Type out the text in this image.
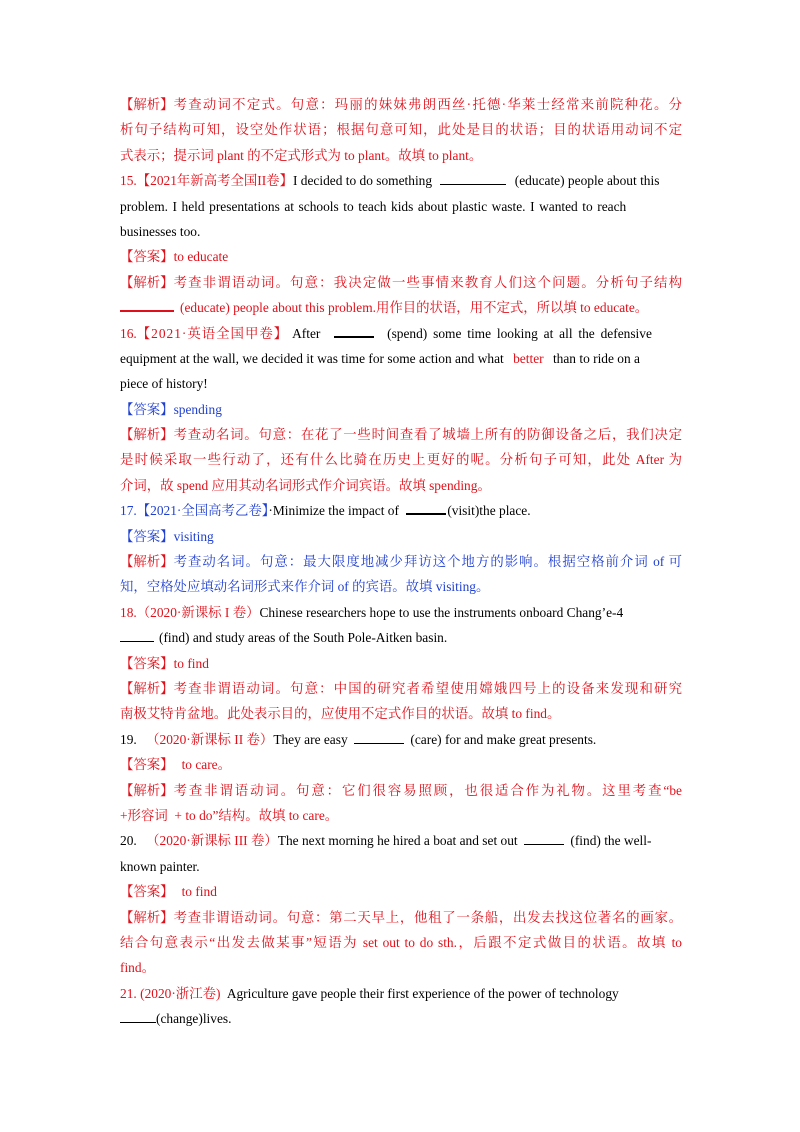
【解析】 考查动词不定式。句意：玛丽的妹妹弗朗西丝·托德·华莱士经常来前院种花。分
析句子结构可知，设空处作状语；根据句意可知，此处是目的状语；目的状语用动词不定
式表示；提示词 plant 的不定式形式为 to plant。故填 to plant。
15.【2021年新高考全国II卷】I decided to do something	(educate) people about this
problem. I held presentations at schools to teach kids about plastic waste. I wanted to reach
businesses too.
【答案】to educate
【解析】 考查非谓语动词。句意：我决定做一些事情来教育人们这个问题。分析句子结构
(educate) people about this problem.用作目的状语，用不定式，所以填 to educate。
16.【2021·英语全国甲卷】 After	(spend) some time looking at all the defensive
equipment at the wall, we decided it was time for some action and what better than to ride on a
piece of history!
【答案】spending
【解析】 考查动名词。句意：在花了一些时间查看了城墙上所有的防御设备之后，我们决定
是时候采取一些行动了，还有什么比骑在历史上更好的呢。分析句子可知，此处 After 为
介词，故 spend 应用其动名词形式作介词宾语。故填 spending。
17.【2021·全国高考乙卷】·Minimize the impact of	(visit)the place.
【答案】visiting
【解析】 考查动名词。句意：最大限度地减少拜访这个地方的影响。根据空格前介词 of 可
知，空格处应填动名词形式来作介词 of 的宾语。故填 visiting。
18.（2020·新课标 I 卷）Chinese researchers hope to use the instruments onboard Chang’e-4
(find) and study areas of the South Pole-Aitken basin.
【答案】to find
【解析】 考查非谓语动词。句意：中国的研究者希望使用嫦娥四号上的设备来发现和研究
南极艾特肯盆地。此处表示目的，应使用不定式作目的状语。故填 to find。
19. （2020·新课标 II 卷）They are easy	(care) for and make great presents.
【答案】 to care。
【解析】 考查非谓语动词。句意：它们很容易照顾，也很适合作为礼物。这里考查“be
+形容词  + to do”结构。故填 to care。
20. （2020·新课标 III 卷）The next morning he hired a boat and set out	(find) the well-
known painter.
【答案】 to find
【解析】 考查非谓语动词。句意：第二天早上，他租了一条船，出发去找这位著名的画家。
结合句意表示“出发去做某事”短语为 set out to do sth.，后跟不定式做目的状语。故填 to
find。
21. (2020·浙江卷) Agriculture gave people their first experience of the power of technology
(change)lives.
